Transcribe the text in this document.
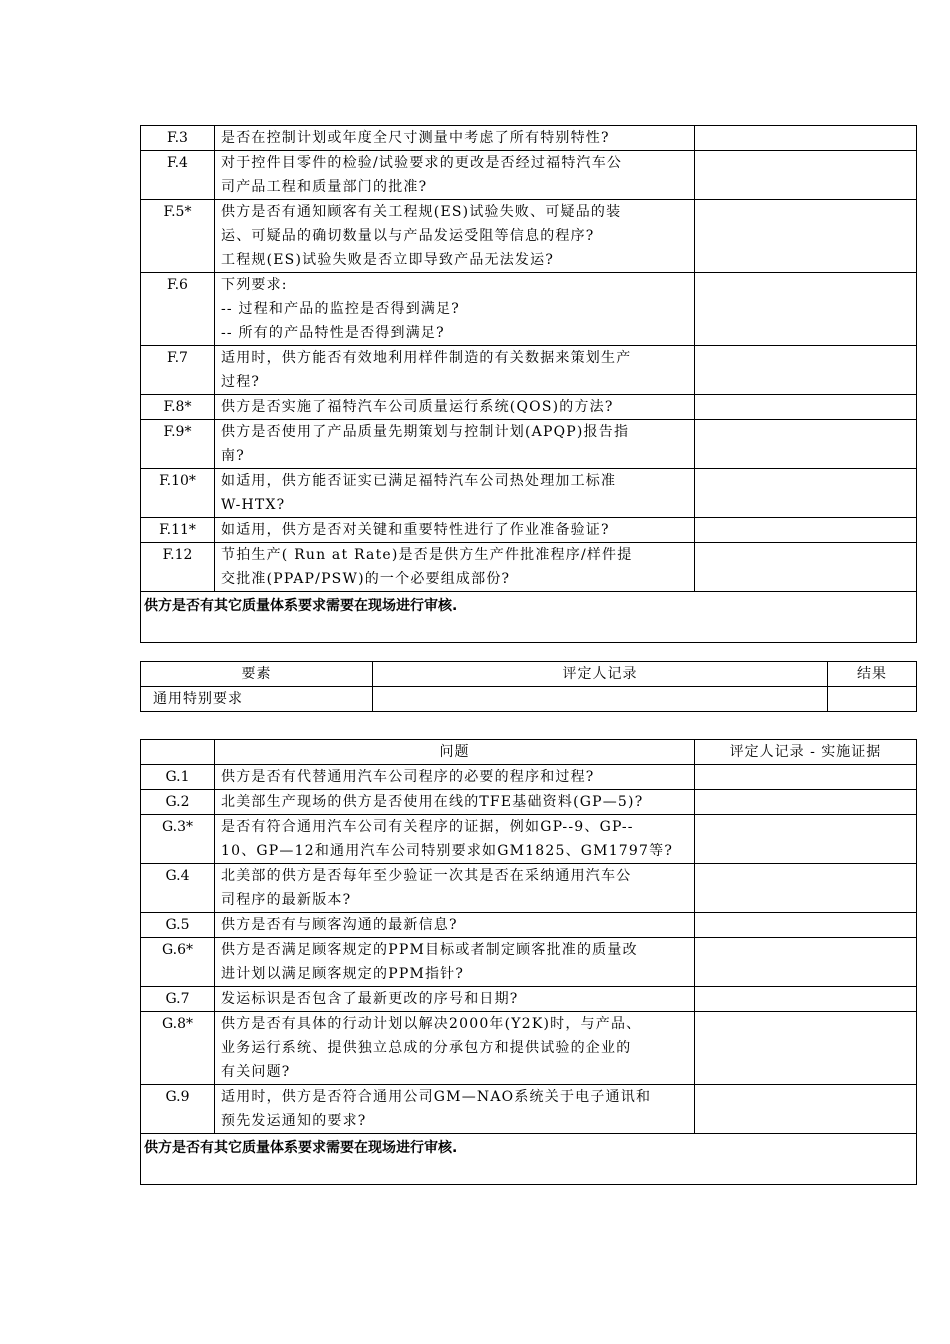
F.3	是否在控制计划或年度全尺寸测量中考虑了所有特别特性?	

F.4	对于控件目零件的检验/试验要求的更改是否经过福特汽车公
司产品工程和质量部门的批准?	

F.5*	供方是否有通知顾客有关工程规(ES)试验失败、可疑品的装
运、可疑品的确切数量以与产品发运受阻等信息的程序?
工程规(ES)试验失败是否立即导致产品无法发运?	

F.6	下列要求:
-- 过程和产品的监控是否得到满足?
-- 所有的产品特性是否得到满足?	

F.7	适用时，供方能否有效地利用样件制造的有关数据来策划生产
过程?	

F.8*	供方是否实施了福特汽车公司质量运行系统(QOS)的方法?	

F.9*	供方是否使用了产品质量先期策划与控制计划(APQP)报告指
南?	

F.10*	如适用，供方能否证实已满足福特汽车公司热处理加工标准
W-HTX?	

F.11*	如适用，供方是否对关键和重要特性进行了作业准备验证?	

F.12	节拍生产( Run at Rate)是否是供方生产件批准程序/样件提
交批准(PPAP/PSW)的一个必要组成部份?	

供方是否有其它质量体系要求需要在现场进行审核.		
要素	评定人记录	结果
通用特别要求		
	问题	评定人记录 - 实施证据
G.1	供方是否有代替通用汽车公司程序的必要的程序和过程?	

G.2	北美部生产现场的供方是否使用在线的TFE基础资料(GP—5)?	

G.3*	是否有符合通用汽车公司有关程序的证据，例如GP--9、GP--
10、GP—12和通用汽车公司特别要求如GM1825、GM1797等?	

G.4	北美部的供方是否每年至少验证一次其是否在采纳通用汽车公
司程序的最新版本?	

G.5	供方是否有与顾客沟通的最新信息?	

G.6*	供方是否满足顾客规定的PPM目标或者制定顾客批准的质量改
进计划以满足顾客规定的PPM指针?	

G.7	发运标识是否包含了最新更改的序号和日期?	

G.8*	供方是否有具体的行动计划以解决2000年(Y2K)时，与产品、
业务运行系统、提供独立总成的分承包方和提供试验的企业的
有关问题?	

G.9	适用时，供方是否符合通用公司GM—NAO系统关于电子通讯和
预先发运通知的要求?	

供方是否有其它质量体系要求需要在现场进行审核.		
